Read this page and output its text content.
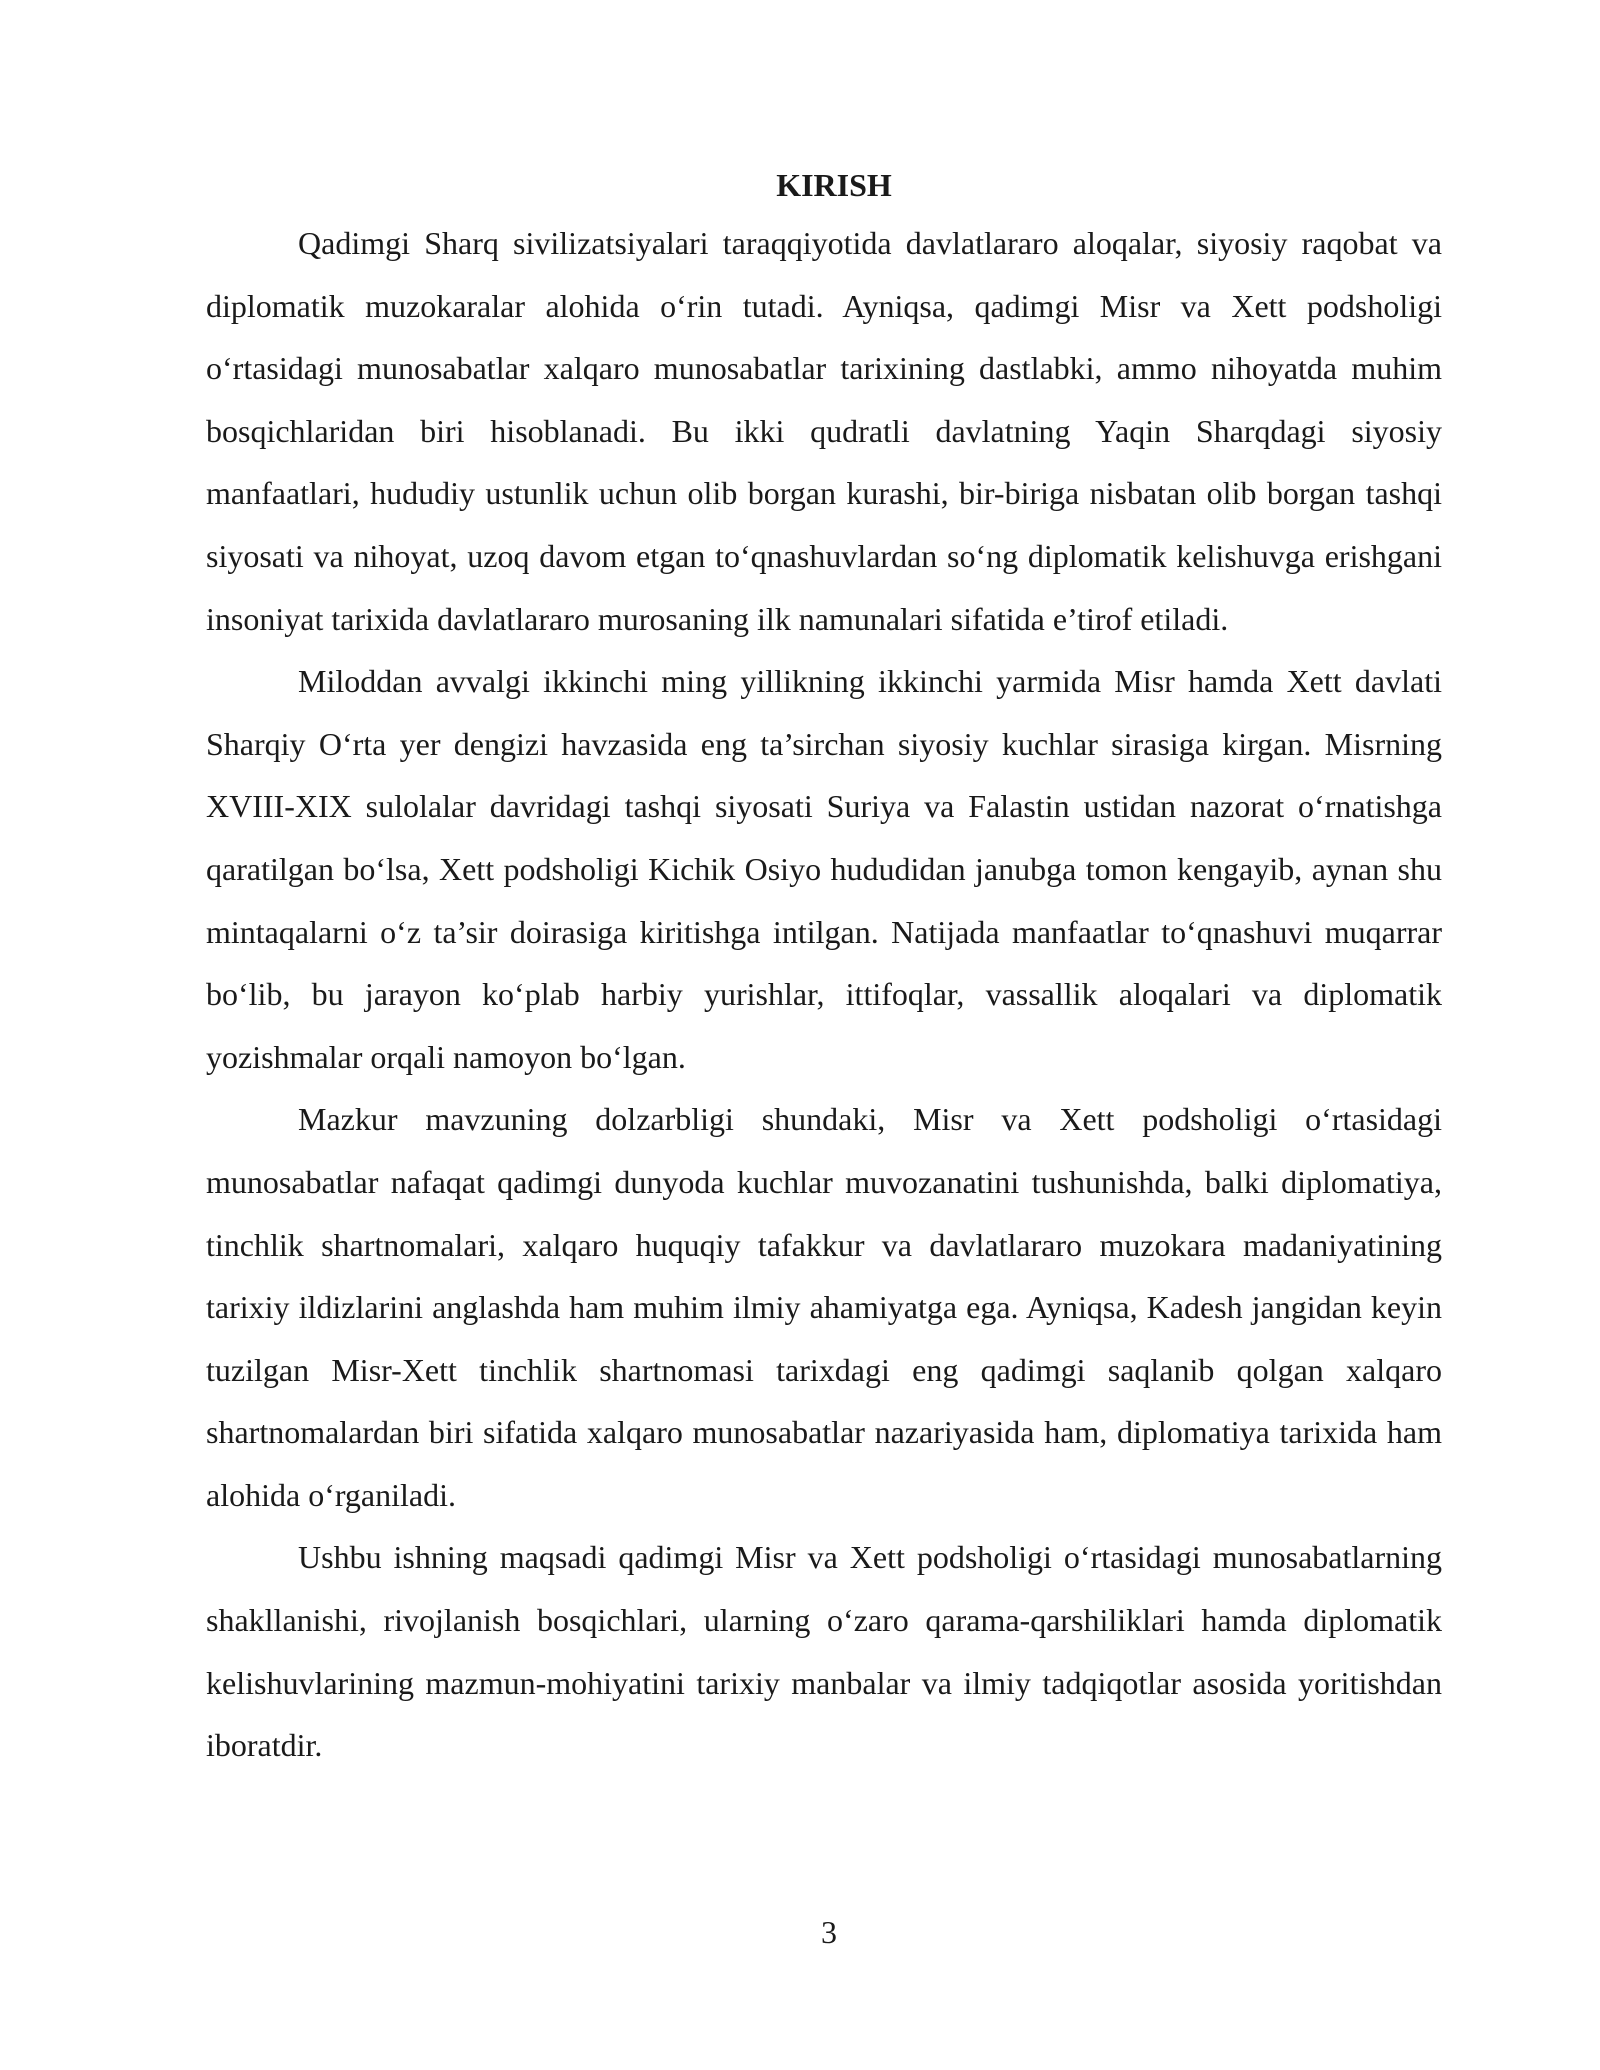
KIRISH

Qadimgi Sharq sivilizatsiyalari taraqqiyotida davlatlararo aloqalar, siyosiy raqobat va diplomatik muzokaralar alohida o‘rin tutadi. Ayniqsa, qadimgi Misr va Xett podsholigi o‘rtasidagi munosabatlar xalqaro munosabatlar tarixining dastlabki, ammo nihoyatda muhim bosqichlaridan biri hisoblanadi. Bu ikki qudratli davlatning Yaqin Sharqdagi siyosiy manfaatlari, hududiy ustunlik uchun olib borgan kurashi, bir-biriga nisbatan olib borgan tashqi siyosati va nihoyat, uzoq davom etgan to‘qnashuvlardan so‘ng diplomatik kelishuvga erishgani insoniyat tarixida davlatlararo murosaning ilk namunalari sifatida e’tirof etiladi.

Miloddan avvalgi ikkinchi ming yillikning ikkinchi yarmida Misr hamda Xett davlati Sharqiy O‘rta yer dengizi havzasida eng ta’sirchan siyosiy kuchlar sirasiga kirgan. Misrning XVIII-XIX sulolalar davridagi tashqi siyosati Suriya va Falastin ustidan nazorat o‘rnatishga qaratilgan bo‘lsa, Xett podsholigi Kichik Osiyo hududidan janubga tomon kengayib, aynan shu mintaqalarni o‘z ta’sir doirasiga kiritishga intilgan. Natijada manfaatlar to‘qnashuvi muqarrar bo‘lib, bu jarayon ko‘plab harbiy yurishlar, ittifoqlar, vassallik aloqalari va diplomatik yozishmalar orqali namoyon bo‘lgan.

Mazkur mavzuning dolzarbligi shundaki, Misr va Xett podsholigi o‘rtasidagi munosabatlar nafaqat qadimgi dunyoda kuchlar muvozanatini tushunishda, balki diplomatiya, tinchlik shartnomalari, xalqaro huquqiy tafakkur va davlatlararo muzokara madaniyatining tarixiy ildizlarini anglashda ham muhim ilmiy ahamiyatga ega. Ayniqsa, Kadesh jangidan keyin tuzilgan Misr-Xett tinchlik shartnomasi tarixdagi eng qadimgi saqlanib qolgan xalqaro shartnomalardan biri sifatida xalqaro munosabatlar nazariyasida ham, diplomatiya tarixida ham alohida o‘rganiladi.

Ushbu ishning maqsadi qadimgi Misr va Xett podsholigi o‘rtasidagi munosabatlarning shakllanishi, rivojlanish bosqichlari, ularning o‘zaro qarama-qarshiliklari hamda diplomatik kelishuvlarining mazmun-mohiyatini tarixiy manbalar va ilmiy tadqiqotlar asosida yoritishdan iboratdir.

3
